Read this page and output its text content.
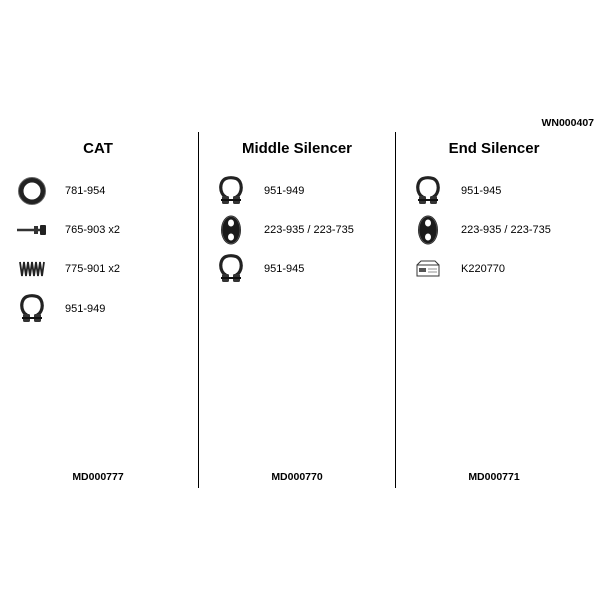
WN000407
CAT
781-954
765-903 x2
775-901 x2
951-949
MD000777
Middle Silencer
951-949
223-935 / 223-735
951-945
MD000770
End Silencer
951-945
223-935 / 223-735
K220770
MD000771
